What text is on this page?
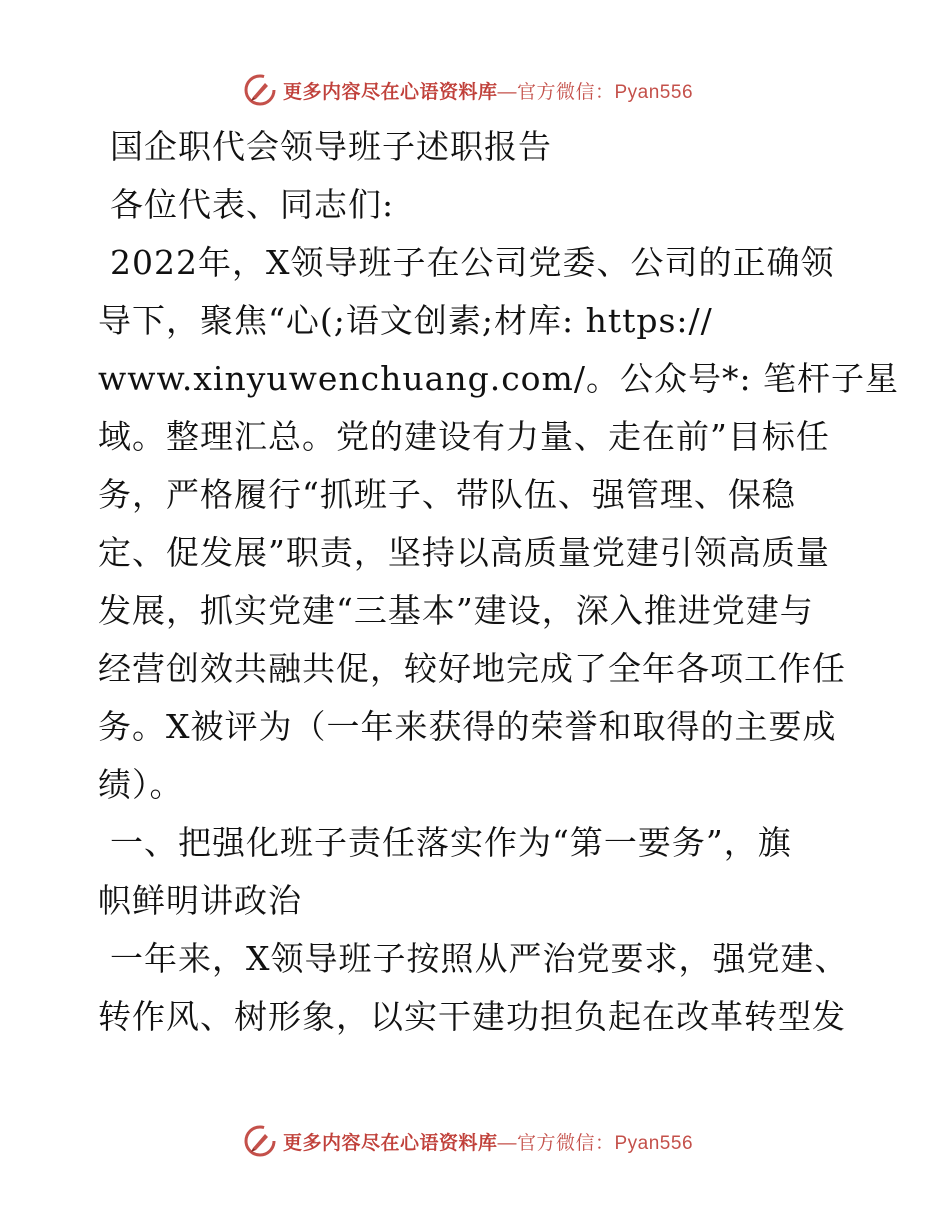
更多内容尽在心语资料库—官方微信：Pyan556
国企职代会领导班子述职报告
各位代表、同志们:
2022年，X领导班子在公司党委、公司的正确领
导下，聚焦“心(;语文创素;材库: https://
www.xinyuwenchuang.com/。公众号*: 笔杆子星
域。整理汇总。党的建设有力量、走在前”目标任
务，严格履行“抓班子、带队伍、强管理、保稳
定、促发展”职责，坚持以高质量党建引领高质量
发展，抓实党建“三基本”建设，深入推进党建与
经营创效共融共促，较好地完成了全年各项工作任
务。X被评为（一年来获得的荣誉和取得的主要成
绩）。
一、把强化班子责任落实作为“第一要务”，旗
帜鲜明讲政治
一年来，X领导班子按照从严治党要求，强党建、
转作风、树形象，以实干建功担负起在改革转型发
更多内容尽在心语资料库—官方微信：Pyan556
